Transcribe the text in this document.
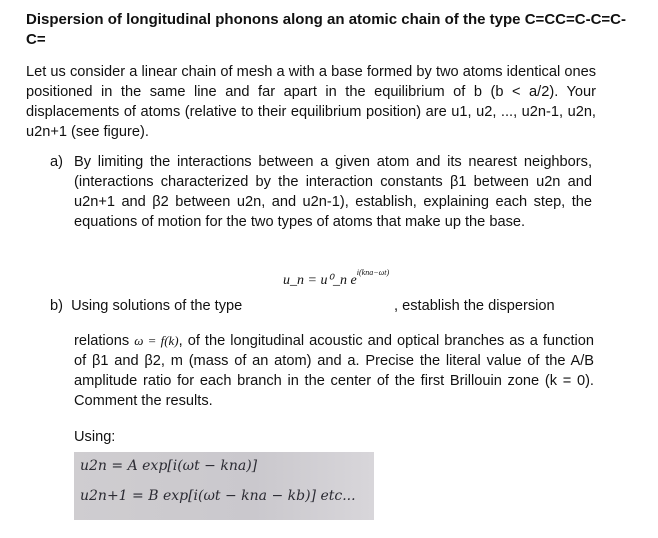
Dispersion of longitudinal phonons along an atomic chain of the type C=CC=C-C=C-C=
Let us consider a linear chain of mesh a with a base formed by two atoms identical ones positioned in the same line and far apart in the equilibrium of b (b < a/2). Your displacements of atoms (relative to their equilibrium position) are u1, u2, ..., u2n-1, u2n, u2n+1 (see figure).
a) By limiting the interactions between a given atom and its nearest neighbors, (interactions characterized by the interaction constants β1 between u2n and u2n+1 and β2 between u2n, and u2n-1), establish, explaining each step, the equations of motion for the two types of atoms that make up the base.
u_n = u⁰_n $e^{i(kna-\omega t)}$
b) Using solutions of the type	, establish the dispersion
relations ω = f(k), of the longitudinal acoustic and optical branches as a function of β1 and β2, m (mass of an atom) and a. Precise the literal value of the A/B amplitude ratio for each branch in the center of the first Brillouin zone (k = 0). Comment the results.
Using:
u2n = A exp[i(ωt − kna)]
u2n+1 = B exp[i(ωt − kna − kb)] etc...
